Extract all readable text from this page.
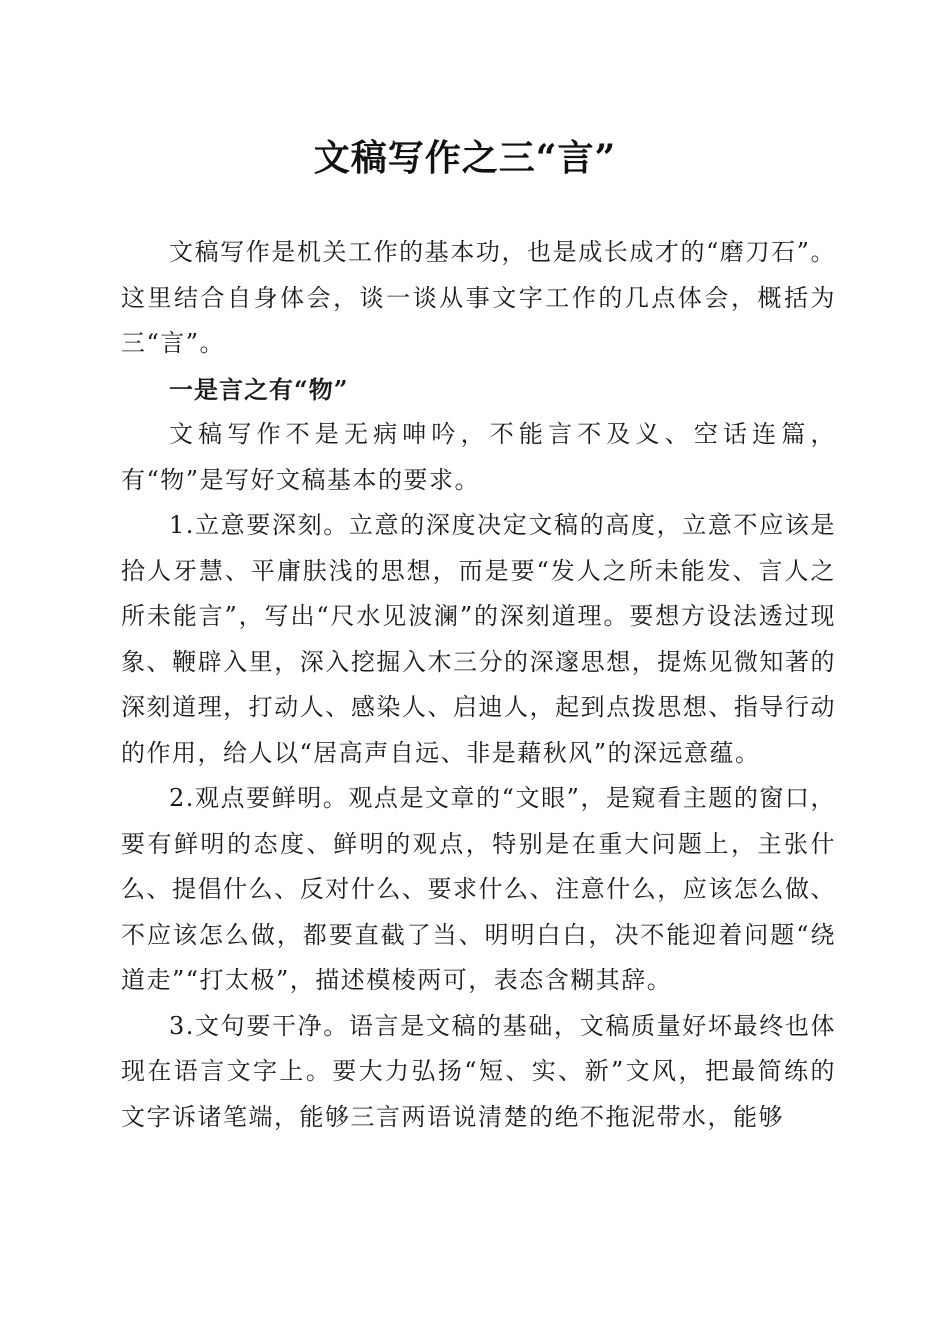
文稿写作之三“言”

文稿写作是机关工作的基本功，也是成长成才的“磨刀石”。这里结合自身体会，谈一谈从事文字工作的几点体会，概括为三“言”。

一是言之有“物”

文稿写作不是无病呻吟，不能言不及义、空话连篇，有“物”是写好文稿基本的要求。

1.立意要深刻。立意的深度决定文稿的高度，立意不应该是拾人牙慧、平庸肤浅的思想，而是要“发人之所未能发、言人之所未能言”，写出“尺水见波澜”的深刻道理。要想方设法透过现象、鞭辟入里，深入挖掘入木三分的深邃思想，提炼见微知著的深刻道理，打动人、感染人、启迪人，起到点拨思想、指导行动的作用，给人以“居高声自远、非是藉秋风”的深远意蕴。

2.观点要鲜明。观点是文章的“文眼”，是窥看主题的窗口，要有鲜明的态度、鲜明的观点，特别是在重大问题上，主张什么、提倡什么、反对什么、要求什么、注意什么，应该怎么做、不应该怎么做，都要直截了当、明明白白，决不能迎着问题“绕道走”“打太极”，描述模棱两可，表态含糊其辞。

3.文句要干净。语言是文稿的基础，文稿质量好坏最终也体现在语言文字上。要大力弘扬“短、实、新”文风，把最简练的文字诉诸笔端，能够三言两语说清楚的绝不拖泥带水，能够
